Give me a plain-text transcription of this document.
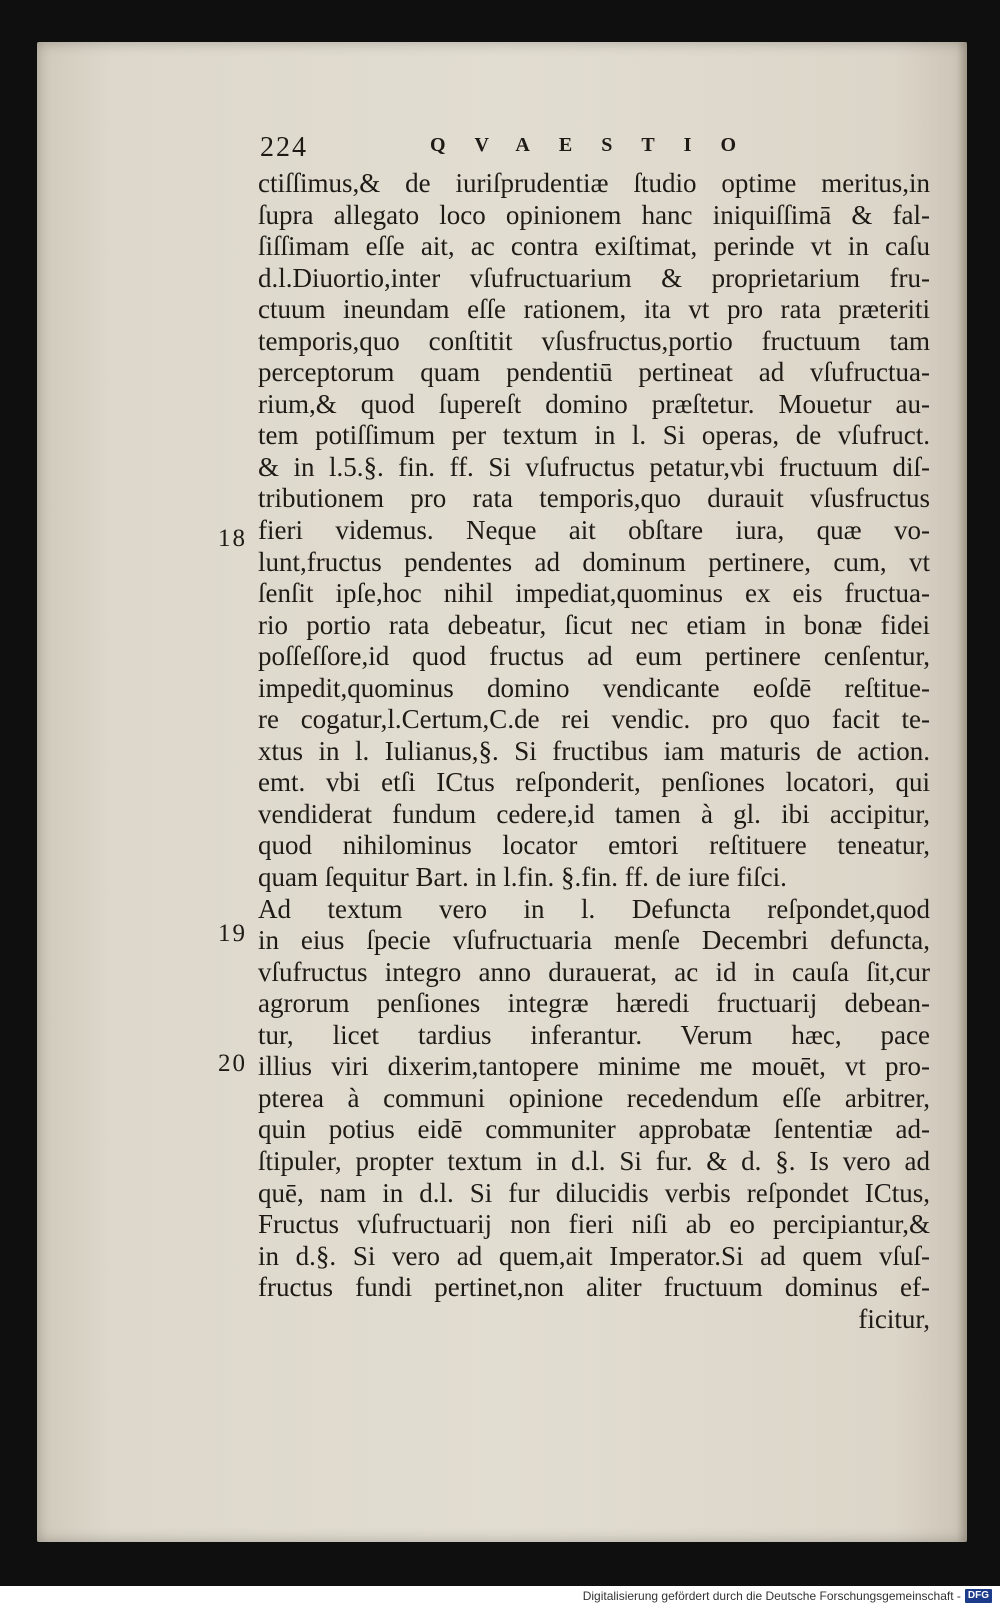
224	QVAESTIO
18
19
20
ctiſſimus,& de iuriſprudentiæ ſtudio optime meritus,in
ſupra allegato loco opinionem hanc iniquiſſimā & fal-
ſiſſimam eſſe ait, ac contra exiſtimat, perinde vt in caſu
d.l.Diuortio,inter vſufructuarium & proprietarium fru-
ctuum ineundam eſſe rationem, ita vt pro rata præteriti
temporis,quo conſtitit vſusfructus,portio fructuum tam
perceptorum quam pendentiū pertineat ad vſufructua-
rium,& quod ſupereſt domino præſtetur. Mouetur au-
tem potiſſimum per textum in l. Si operas, de vſufruct.
& in l.5.§. fin. ff. Si vſufructus petatur,vbi fructuum diſ-
tributionem pro rata temporis,quo durauit vſusfructus
fieri videmus. Neque ait obſtare iura, quæ vo-
lunt,fructus pendentes ad dominum pertinere, cum, vt
ſenſit ipſe,hoc nihil impediat,quominus ex eis fructua-
rio portio rata debeatur, ſicut nec etiam in bonæ fidei
poſſeſſore,id quod fructus ad eum pertinere cenſentur,
impedit,quominus domino vendicante eoſdē reſtitue-
re cogatur,l.Certum,C.de rei vendic. pro quo facit te-
xtus in l. Iulianus,§. Si fructibus iam maturis de action.
emt. vbi etſi ICtus reſponderit, penſiones locatori, qui
vendiderat fundum cedere,id tamen à gl. ibi accipitur,
quod nihilominus locator emtori reſtituere teneatur,
quam ſequitur Bart. in l.fin. §.fin. ff. de iure fiſci.
Ad textum vero in l. Defuncta reſpondet,quod
in eius ſpecie vſufructuaria menſe Decembri defuncta,
vſufructus integro anno durauerat, ac id in cauſa ſit,cur
agrorum penſiones integræ hæredi fructuarij debean-
tur, licet tardius inferantur. Verum hæc, pace
illius viri dixerim,tantopere minime me mouēt, vt pro-
pterea à communi opinione recedendum eſſe arbitrer,
quin potius eidē communiter approbatæ ſententiæ ad-
ſtipuler, propter textum in d.l. Si fur. & d. §. Is vero ad
quē, nam in d.l. Si fur dilucidis verbis reſpondet ICtus,
Fructus vſufructuarij non fieri niſi ab eo percipiantur,&
in d.§. Si vero ad quem,ait Imperator.Si ad quem vſuſ-
fructus fundi pertinet,non aliter fructuum dominus ef-
ficitur,
Digitalisierung gefördert durch die Deutsche Forschungsgemeinschaft - DFG
